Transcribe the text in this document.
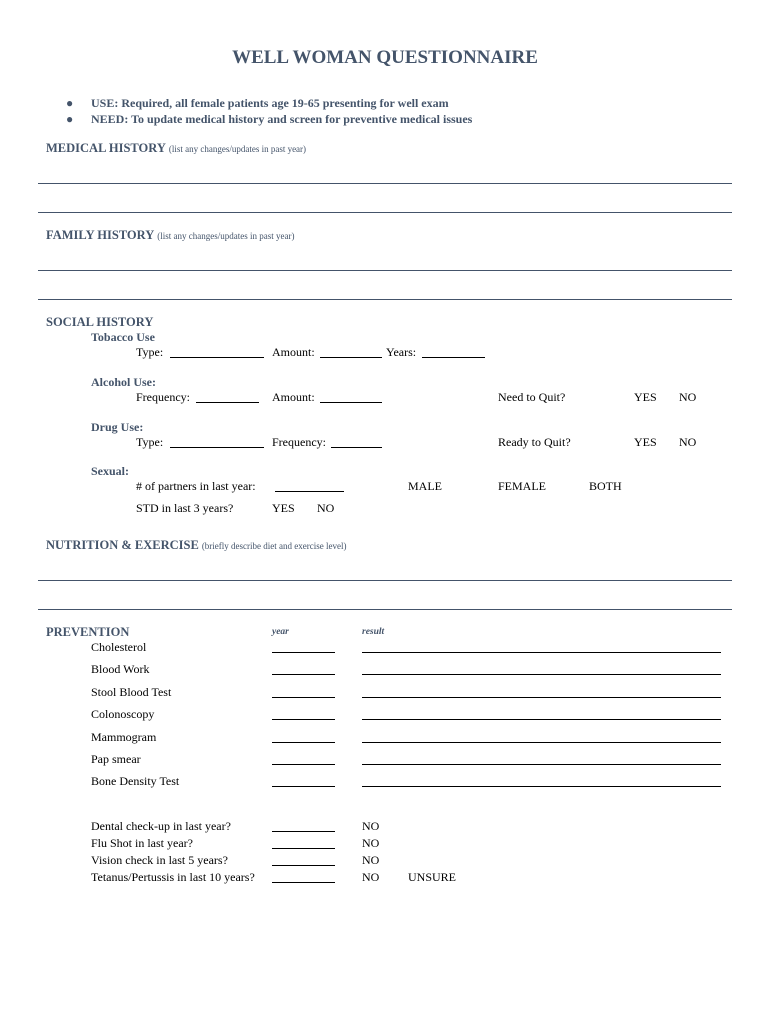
WELL WOMAN QUESTIONNAIRE
● USE: Required, all female patients age 19-65 presenting for well exam
● NEED: To update medical history and screen for preventive medical issues
MEDICAL HISTORY (list any changes/updates in past year)
FAMILY HISTORY (list any changes/updates in past year)
SOCIAL HISTORY
Tobacco Use
Type:	Amount:	Years:
Alcohol Use:
Frequency:	Amount:	Need to Quit?	YES NO
Drug Use:
Type:	Frequency:	Ready to Quit?	YES NO
Sexual:
# of partners in last year:	MALE	FEMALE	BOTH
STD in last 3 years?	YES NO
NUTRITION & EXERCISE (briefly describe diet and exercise level)
PREVENTION	year	result
Cholesterol
Blood Work
Stool Blood Test
Colonoscopy
Mammogram
Pap smear
Bone Density Test
Dental check-up in last year?	NO
Flu Shot in last year?	NO
Vision check in last 5 years?	NO
Tetanus/Pertussis in last 10 years?	NO UNSURE
